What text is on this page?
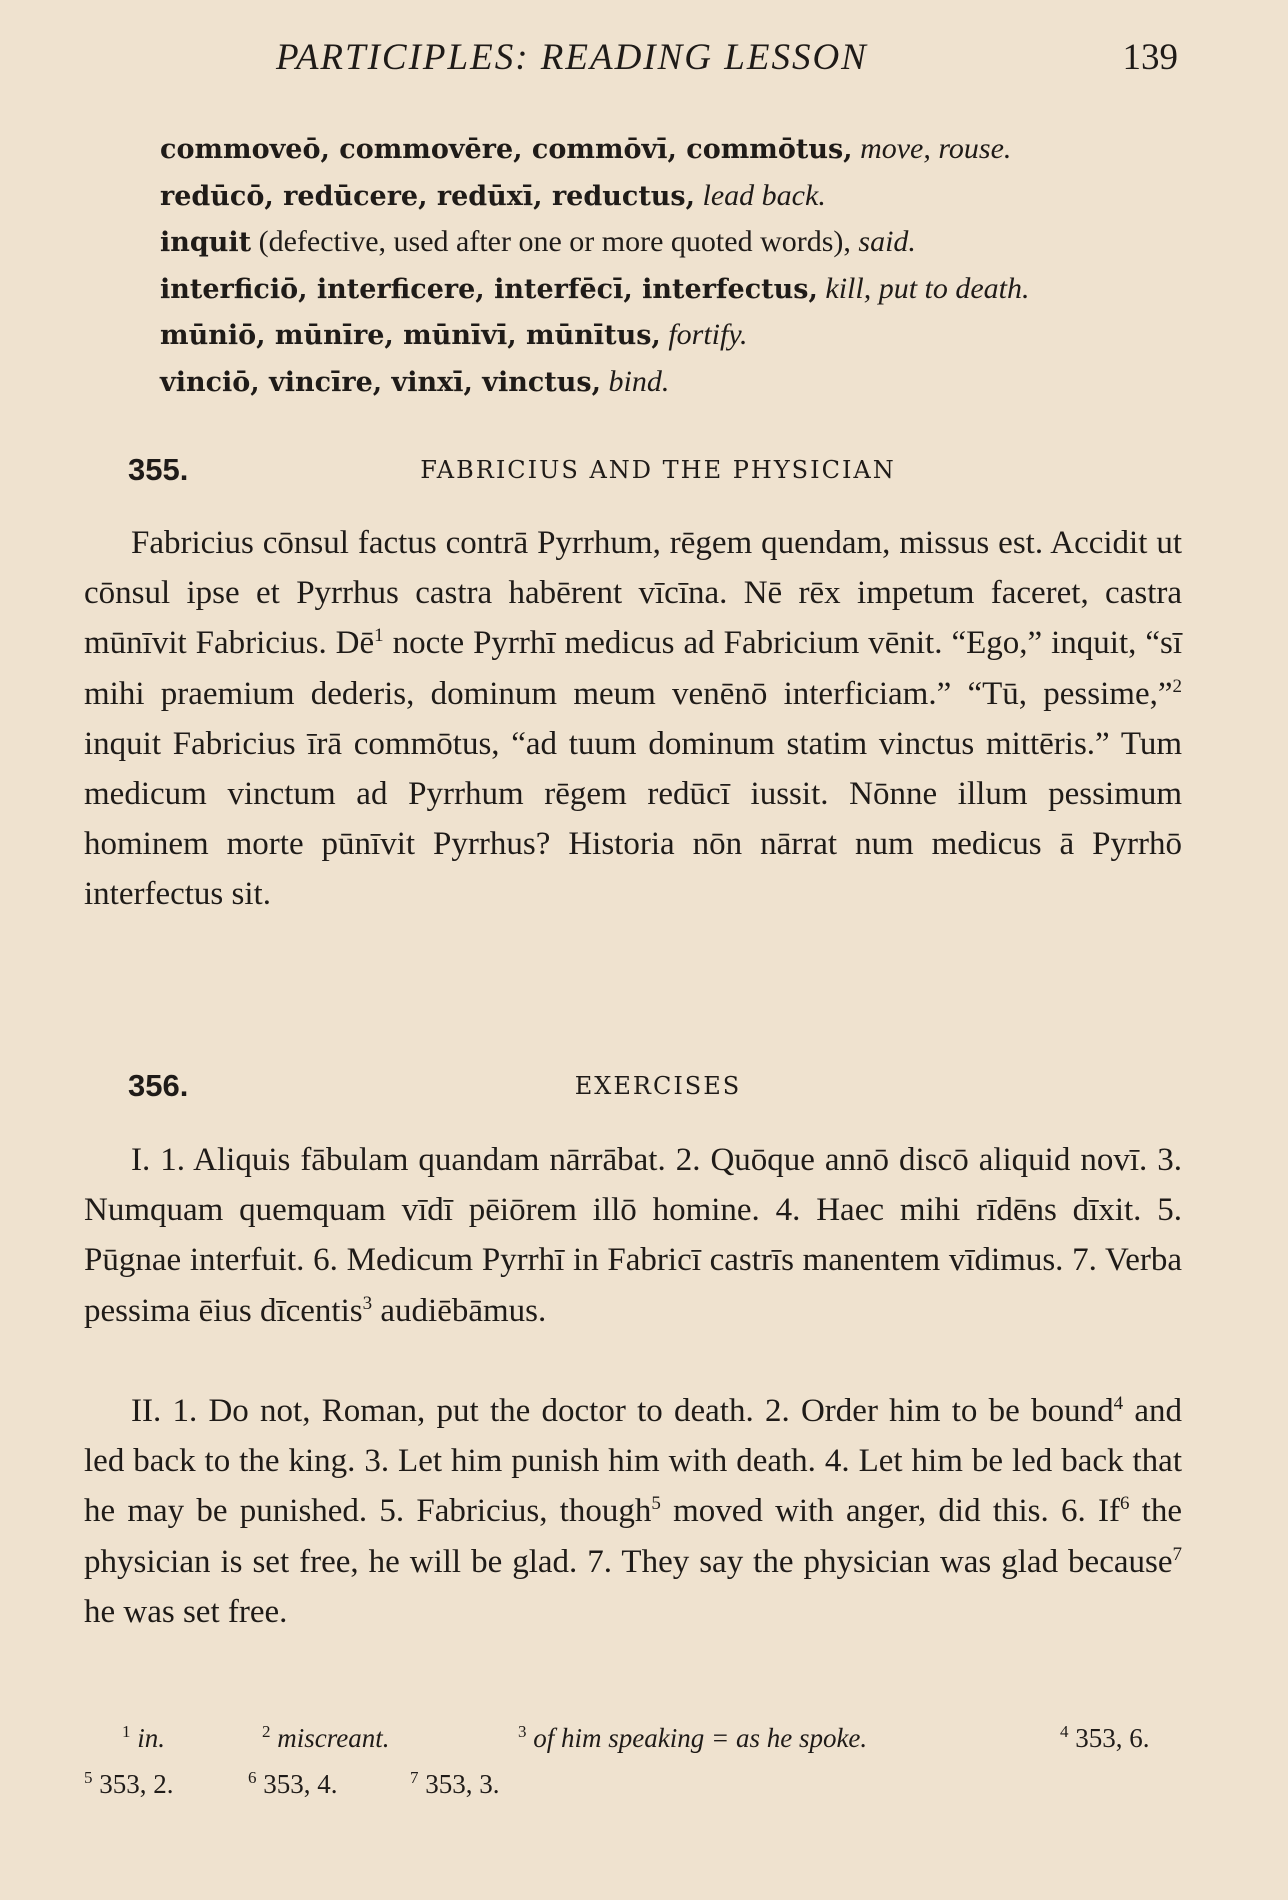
PARTICIPLES: READING LESSON	139
commoveō, commovēre, commōvī, commōtus, move, rouse.
redūcō, redūcere, redūxī, reductus, lead back.
inquit (defective, used after one or more quoted words), said.
interficiō, interficere, interfēcī, interfectus, kill, put to death.
mūniō, mūnīre, mūnīvī, mūnītus, fortify.
vinciō, vincīre, vinxī, vinctus, bind.
355.	FABRICIUS AND THE PHYSICIAN
Fabricius cōnsul factus contrā Pyrrhum, rēgem quendam, missus est. Accidit ut cōnsul ipse et Pyrrhus castra habērent vīcīna. Nē rēx impetum faceret, castra mūnīvit Fabricius. $Dē^1$ nocte Pyrrhī medicus ad Fabricium vēnit. “Ego,” inquit, “sī mihi praemium dederis, dominum meum venēnō interficiam.” “Tū, pessime,”$^2$ inquit Fabricius īrā commōtus, “ad tuum dominum statim vinctus mittēris.” Tum medicum vinctum ad Pyrrhum rēgem redūcī iussit. Nōnne illum pessimum hominem morte pūnīvit Pyrrhus? Historia nōn nārrat num medicus ā Pyrrhō interfectus sit.
356.	EXERCISES
I. 1. Aliquis fābulam quandam nārrābat. 2. Quōque annō discō aliquid novī. 3. Numquam quemquam vīdī pēiōrem illō homine. 4. Haec mihi rīdēns dīxit. 5. Pūgnae interfuit. 6. Medicum Pyrrhī in Fabricī castrīs manentem vīdimus. 7. Verba pessima ēius dīcentis$^3$ audiēbāmus.
II. 1. Do not, Roman, put the doctor to death. 2. Order him to be bound$^4$ and led back to the king. 3. Let him punish him with death. 4. Let him be led back that he may be punished. 5. Fabricius, though$^5$ moved with anger, did this. 6. If$^6$ the physician is set free, he will be glad. 7. They say the physician was glad because$^7$ he was set free.
$^1$ in.	$^2$ miscreant.	$^3$ of him speaking = as he spoke.	$^4$ 353, 6.
$^5$ 353, 2.	$^6$ 353, 4.	$^7$ 353, 3.
